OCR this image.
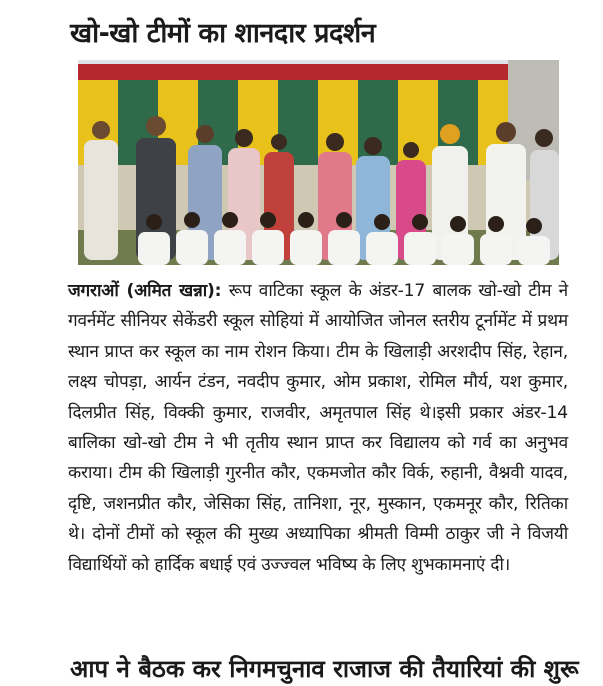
खो-खो टीमों का शानदार प्रदर्शन
जगराओं (अमित खन्ना): रूप वाटिका स्कूल के अंडर-17 बालक खो-खो टीम ने गवर्नमेंट सीनियर सेकेंडरी स्कूल सोहियां में आयोजित जोनल स्तरीय टूर्नामेंट में प्रथम स्थान प्राप्त कर स्कूल का नाम रोशन किया। टीम के खिलाड़ी अरशदीप सिंह, रेहान, लक्ष्य चोपड़ा, आर्यन टंडन, नवदीप कुमार, ओम प्रकाश, रोमिल मौर्य, यश कुमार, दिलप्रीत सिंह, विक्की कुमार, राजवीर, अमृतपाल सिंह थे।इसी प्रकार अंडर-14 बालिका खो-खो टीम ने भी तृतीय स्थान प्राप्त कर विद्यालय को गर्व का अनुभव कराया। टीम की खिलाड़ी गुरनीत कौर, एकमजोत कौर विर्क, रुहानी, वैश्नवी यादव, दृष्टि, जशनप्रीत कौर, जेसिका सिंह, तानिशा, नूर, मुस्कान, एकमनूर कौर, रितिका थे। दोनों टीमों को स्कूल की मुख्य अध्यापिका श्रीमती विम्मी ठाकुर जी ने विजयी विद्यार्थियों को हार्दिक बधाई एवं उज्ज्वल भविष्य के लिए शुभकामनाएं दी।
आप ने बैठक कर निगमचुनाव राजाज की तैयारियां की शुरू
